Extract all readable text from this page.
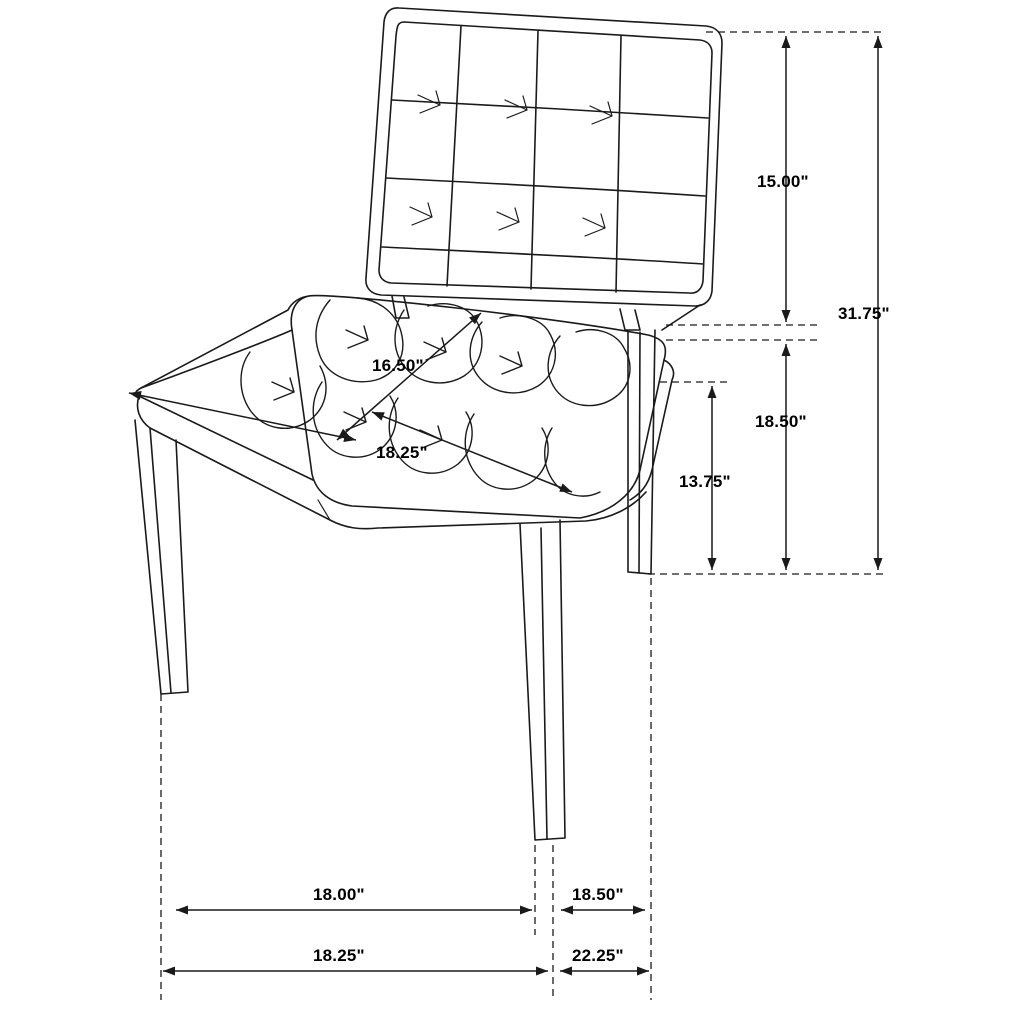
15.00"
31.75"
16.50"
18.25"
18.50"
13.75"
18.00"	18.50"
18.25"	22.25"
